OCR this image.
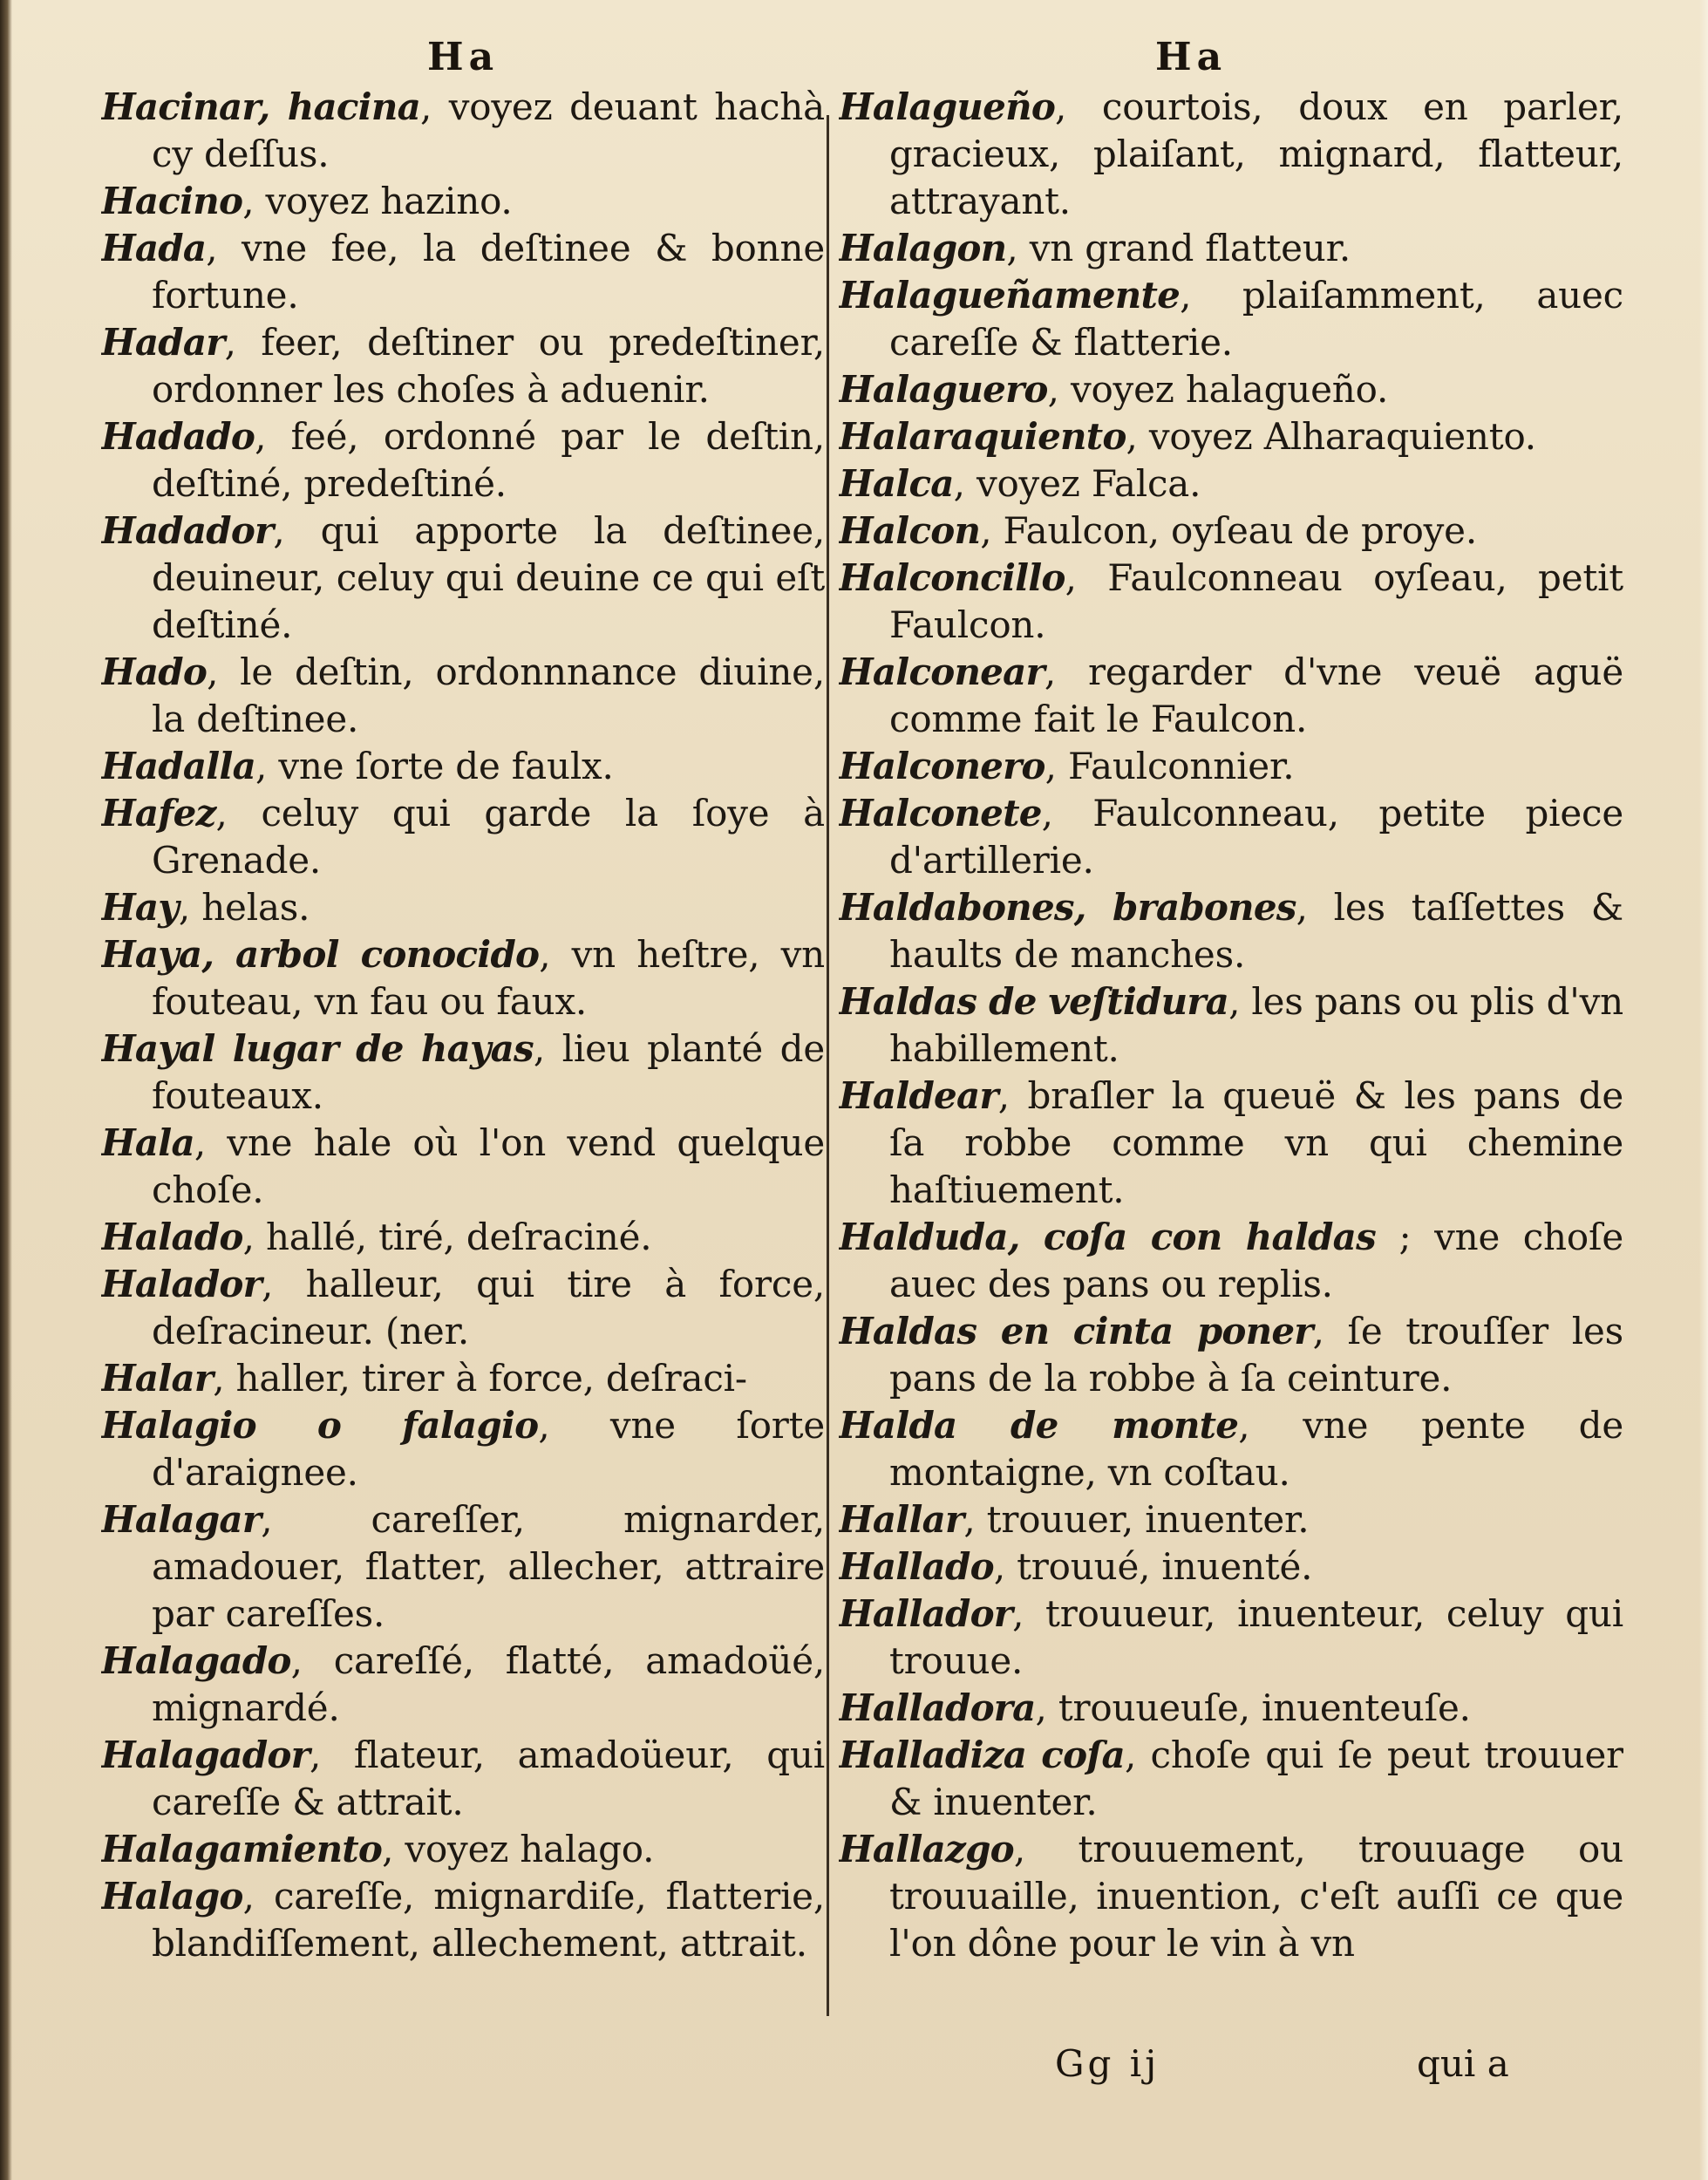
Ha	Ha

Hacinar, hacina, voyez deuant hachà cy deſſus.

Hacino, voyez hazino.

Hada, vne fee, la deſtinee & bonne fortune.

Hadar, feer, deſtiner ou predeſtiner, ordonner les choſes à aduenir.

Hadado, feé, ordonné par le deſtin, deſtiné, predeſtiné.

Hadador, qui apporte la deſtinee, deuineur, celuy qui deuine ce qui eſt deſtiné.

Hado, le deſtin, ordonnnance diuine, la deſtinee.

Hadalla, vne ſorte de faulx.

Hafez, celuy qui garde la ſoye à Grenade.

Hay, helas.

Haya, arbol conocido, vn heſtre, vn fouteau, vn fau ou faux.

Hayal lugar de hayas, lieu planté de fouteaux.

Hala, vne hale où l'on vend quelque choſe.

Halado, hallé, tiré, deſraciné.

Halador, halleur, qui tire à force, deſracineur. (ner.

Halar, haller, tirer à force, deſraci-

Halagio o falagio, vne ſorte d'araignee.

Halagar, careſſer, mignarder, amadouer, flatter, allecher, attraire par careſſes.

Halagado, careſſé, flatté, amadoüé, mignardé.

Halagador, flateur, amadoüeur, qui careſſe & attrait.

Halagamiento, voyez halago.

Halago, careſſe, mignardiſe, flatterie, blandiſſement, allechement, attrait.

Halagueño, courtois, doux en parler, gracieux, plaiſant, mignard, flatteur, attrayant.

Halagon, vn grand flatteur.

Halagueñamente, plaiſamment, auec careſſe & flatterie.

Halaguero, voyez halagueño.

Halaraquiento, voyez Alharaquiento.

Halca, voyez Falca.

Halcon, Faulcon, oyſeau de proye.

Halconcillo, Faulconneau oyſeau, petit Faulcon.

Halconear, regarder d'vne veuë aguë comme fait le Faulcon.

Halconero, Faulconnier.

Halconete, Faulconneau, petite piece d'artillerie.

Haldabones, brabones, les taſſettes & haults de manches.

Haldas de veſtidura, les pans ou plis d'vn habillement.

Haldear, braſler la queuë & les pans de ſa robbe comme vn qui chemine haſtiuement.

Halduda, coſa con haldas ; vne choſe auec des pans ou replis.

Haldas en cinta poner, ſe trouſſer les pans de la robbe à ſa ceinture.

Halda de monte, vne pente de montaigne, vn coſtau.

Hallar, trouuer, inuenter.

Hallado, trouué, inuenté.

Hallador, trouueur, inuenteur, celuy qui trouue.

Halladora, trouueuſe, inuenteuſe.

Halladiza coſa, choſe qui ſe peut trouuer & inuenter.

Hallazgo, trouuement, trouuage ou trouuaille, inuention, c'eſt auſſi ce que l'on dône pour le vin à vn

Gg ij	qui a
